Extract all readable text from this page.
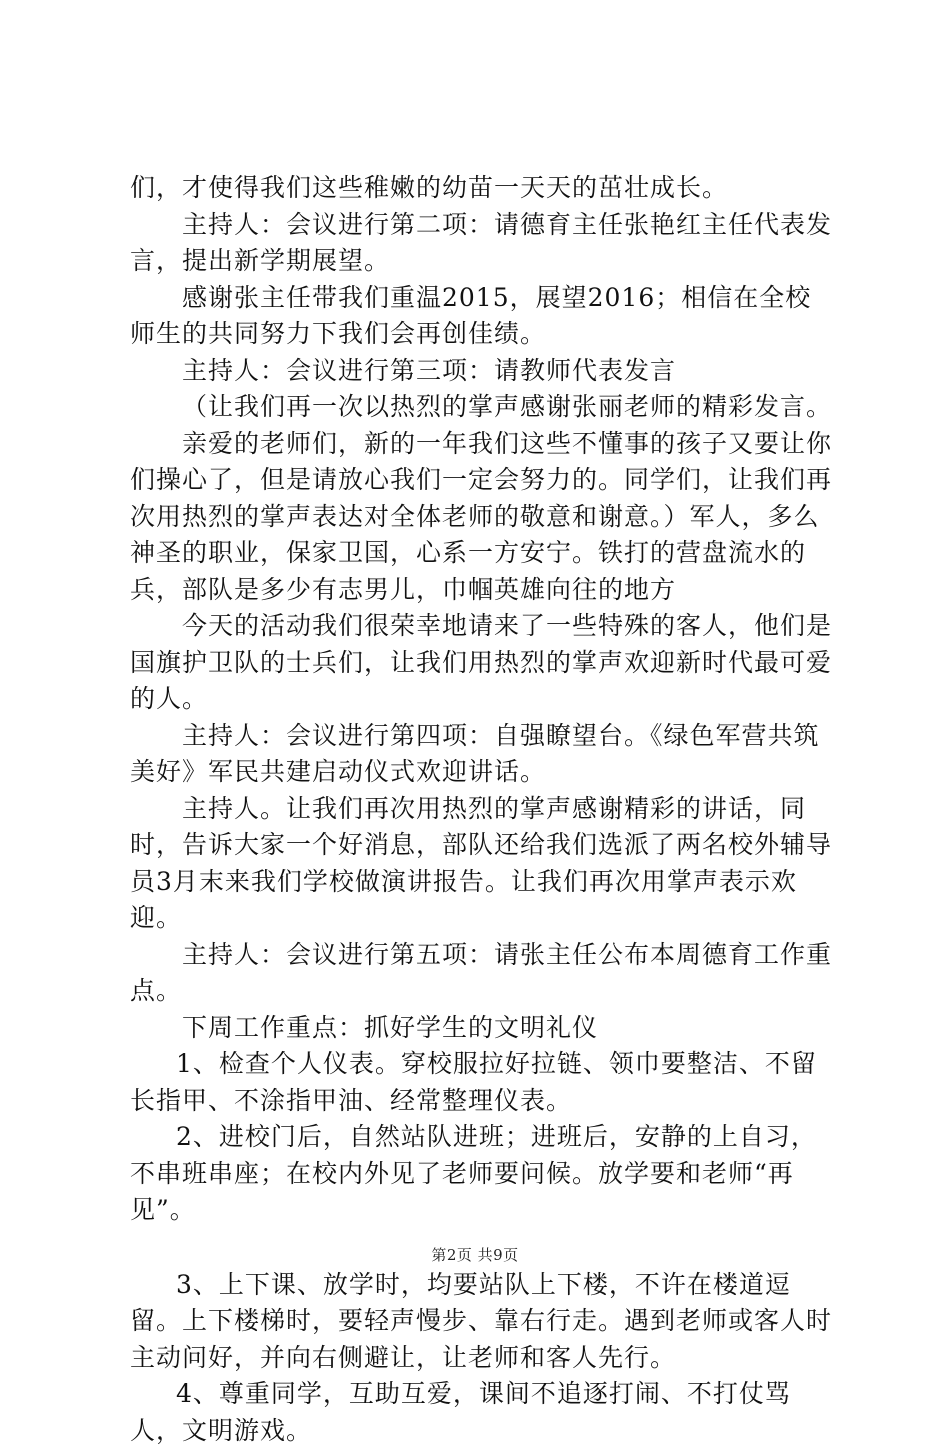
们，才使得我们这些稚嫩的幼苗一天天的茁壮成长。

主持人：会议进行第二项：请德育主任张艳红主任代表发言，提出新学期展望。

感谢张主任带我们重温2015，展望2016；相信在全校师生的共同努力下我们会再创佳绩。

主持人：会议进行第三项：请教师代表发言

（让我们再一次以热烈的掌声感谢张丽老师的精彩发言。

亲爱的老师们，新的一年我们这些不懂事的孩子又要让你们操心了，但是请放心我们一定会努力的。同学们，让我们再次用热烈的掌声表达对全体老师的敬意和谢意。）军人，多么神圣的职业，保家卫国，心系一方安宁。铁打的营盘流水的兵，部队是多少有志男儿，巾帼英雄向往的地方

今天的活动我们很荣幸地请来了一些特殊的客人，他们是国旗护卫队的士兵们，让我们用热烈的掌声欢迎新时代最可爱的人。

主持人：会议进行第四项：自强瞭望台。《绿色军营共筑美好》军民共建启动仪式欢迎讲话。

主持人。让我们再次用热烈的掌声感谢精彩的讲话，同时，告诉大家一个好消息，部队还给我们选派了两名校外辅导员3月末来我们学校做演讲报告。让我们再次用掌声表示欢迎。

主持人：会议进行第五项：请张主任公布本周德育工作重点。

下周工作重点：抓好学生的文明礼仪

1、检查个人仪表。穿校服拉好拉链、领巾要整洁、不留长指甲、不涂指甲油、经常整理仪表。

2、进校门后，自然站队进班；进班后，安静的上自习，不串班串座；在校内外见了老师要问候。放学要和老师“再见”。

3、上下课、放学时，均要站队上下楼，不许在楼道逗留。上下楼梯时，要轻声慢步、靠右行走。遇到老师或客人时主动问好，并向右侧避让，让老师和客人先行。

4、尊重同学，互助互爱，课间不追逐打闹、不打仗骂人，文明游戏。

第2页 共9页
